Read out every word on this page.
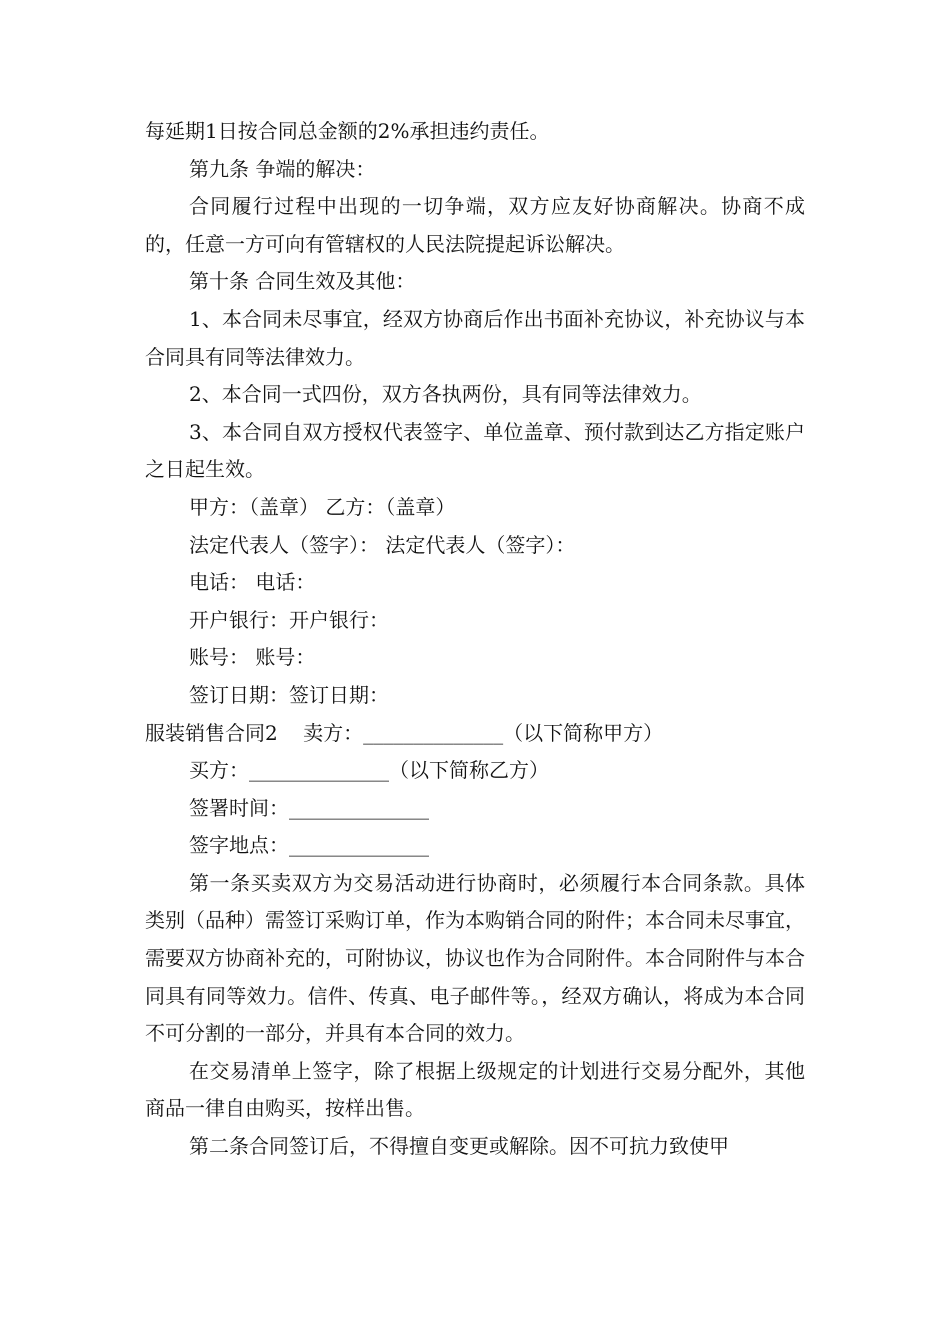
每延期1日按合同总金额的2%承担违约责任。

第九条 争端的解决：

合同履行过程中出现的一切争端，双方应友好协商解决。协商不成的，任意一方可向有管辖权的人民法院提起诉讼解决。

第十条 合同生效及其他：

1、本合同未尽事宜，经双方协商后作出书面补充协议，补充协议与本合同具有同等法律效力。

2、本合同一式四份，双方各执两份，具有同等法律效力。

3、本合同自双方授权代表签字、单位盖章、预付款到达乙方指定账户之日起生效。

甲方：（盖章） 乙方：（盖章）

法定代表人（签字）： 法定代表人（签字）：

电话： 电话：

开户银行：开户银行：

账号： 账号：

签订日期：签订日期：

服装销售合同2    卖方：______________（以下简称甲方）

买方：______________（以下简称乙方）

签署时间：______________

签字地点：______________

第一条买卖双方为交易活动进行协商时，必须履行本合同条款。具体类别（品种）需签订采购订单，作为本购销合同的附件；本合同未尽事宜，需要双方协商补充的，可附协议，协议也作为合同附件。本合同附件与本合同具有同等效力。信件、传真、电子邮件等。，经双方确认，将成为本合同不可分割的一部分，并具有本合同的效力。

在交易清单上签字，除了根据上级规定的计划进行交易分配外，其他商品一律自由购买，按样出售。

第二条合同签订后，不得擅自变更或解除。因不可抗力致使甲
